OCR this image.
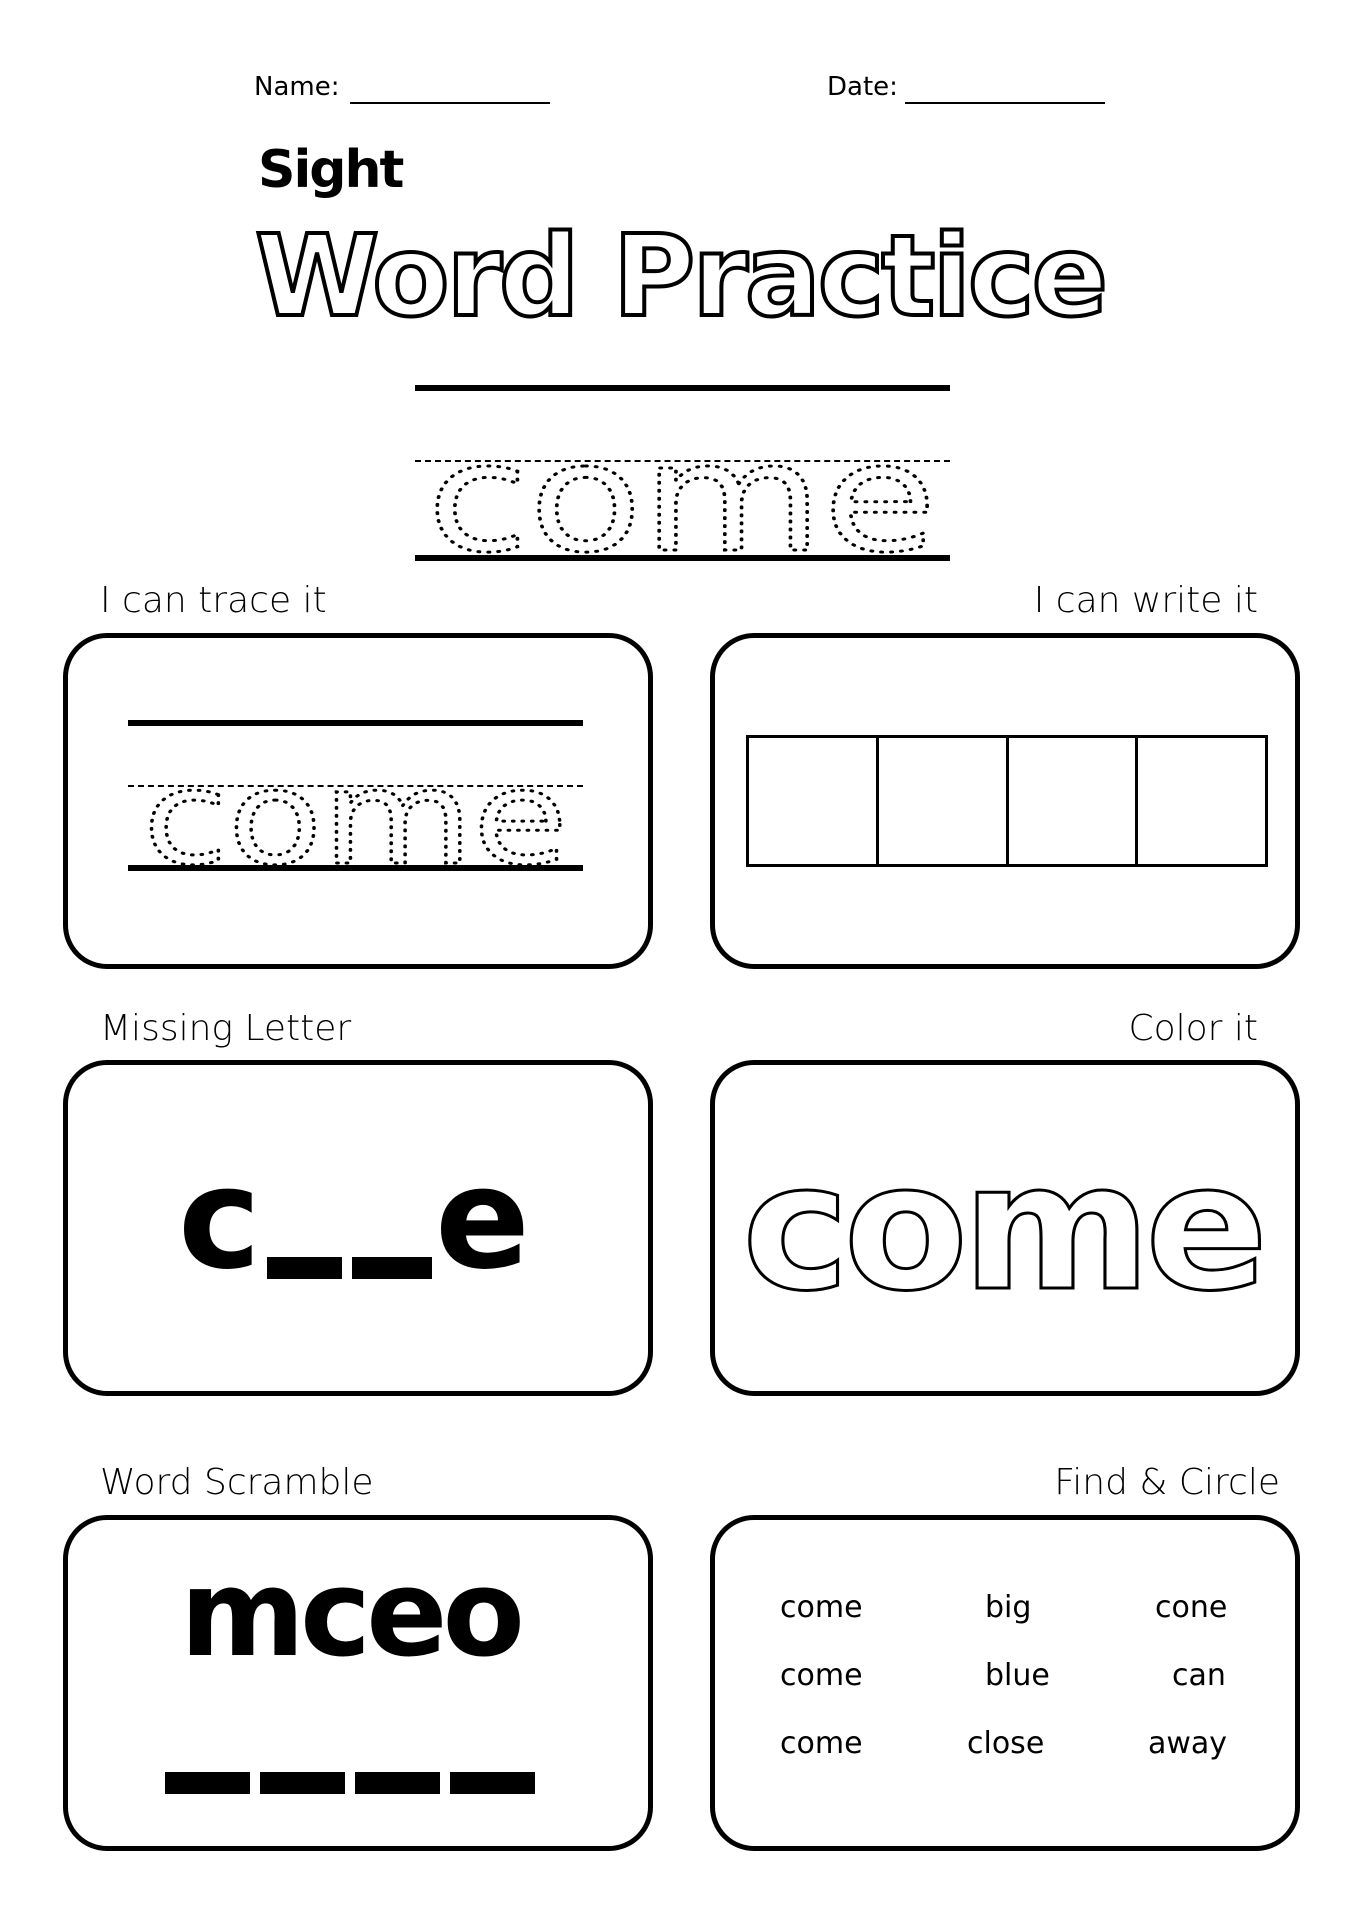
Name:	Date:
Sight
Word Practice
come
I can trace it	I can write it
Missing Letter	Color it
Word Scramble	Find & Circle
come
c e come
mceo	come	big	cone
come	blue	can
come	close	away
